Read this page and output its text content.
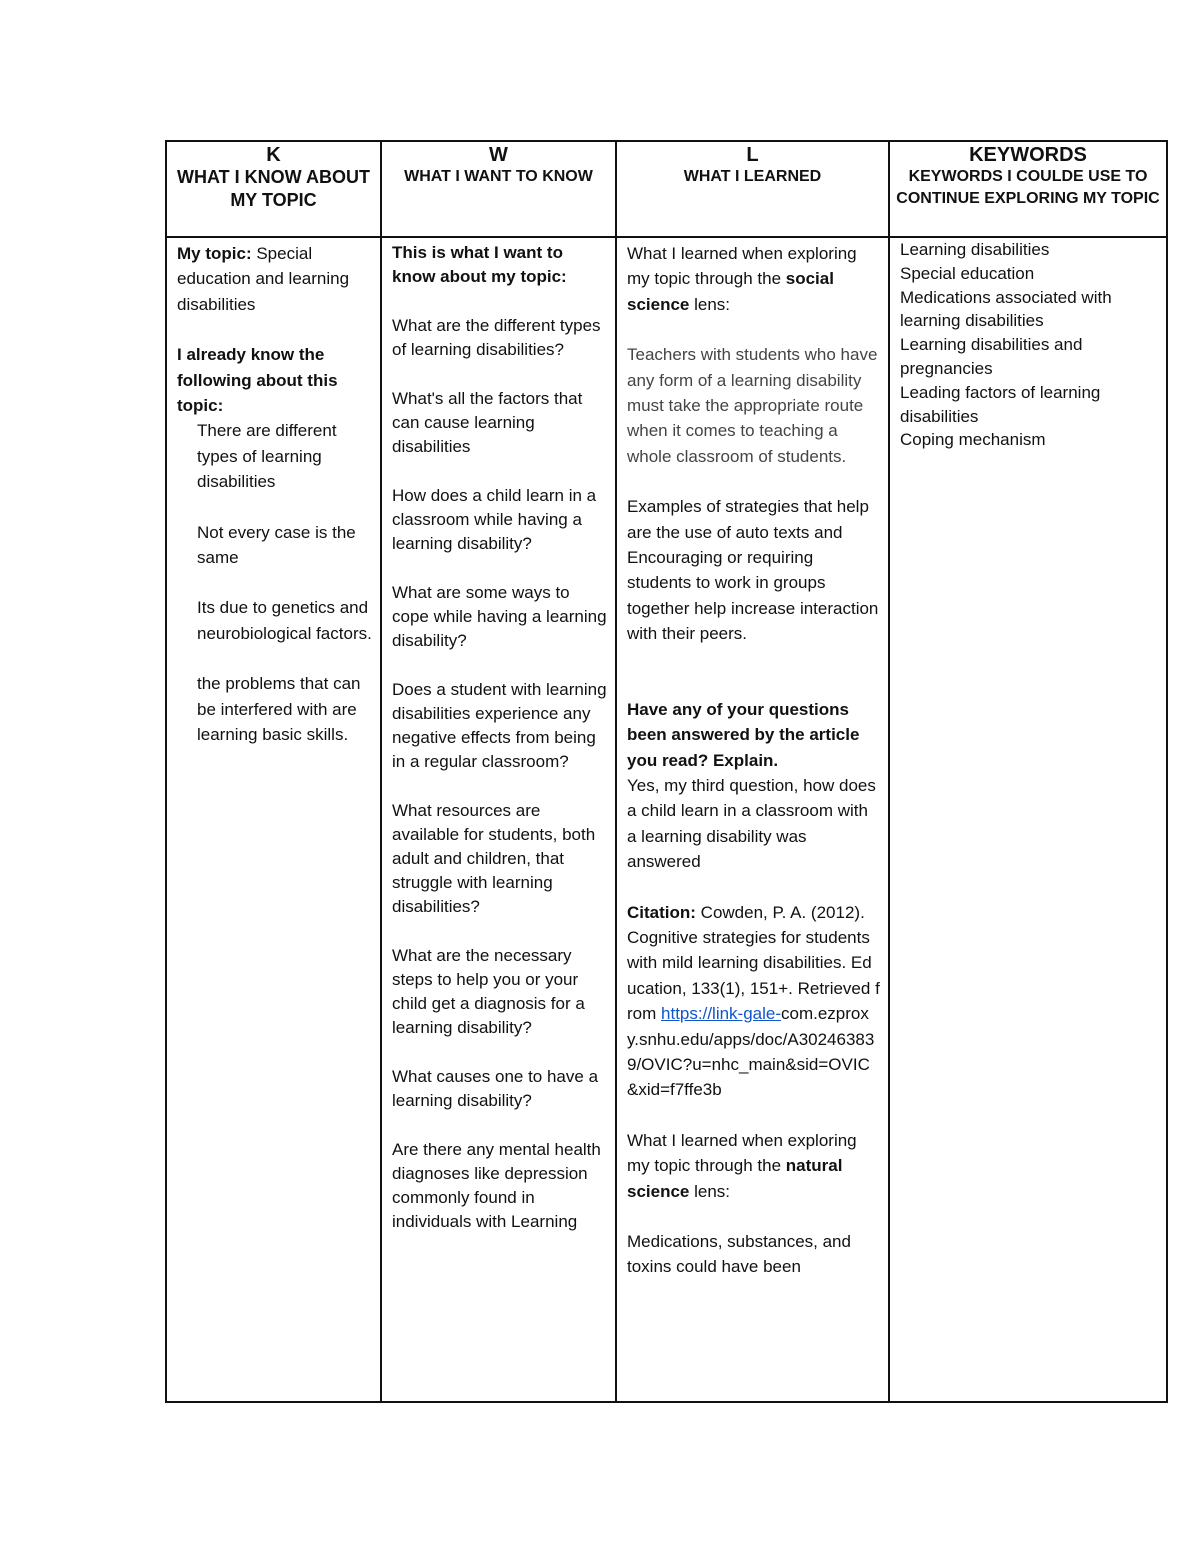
K
WHAT I KNOW ABOUT MY TOPIC

My topic: Special education and learning disabilities

I already know the following about this topic:

There are different types of learning disabilities

Not every case is the same

Its due to genetics and neurobiological factors.

the problems that can be interfered with are learning basic skills.

W
WHAT I WANT TO KNOW

This is what I want to know about my topic:

What are the different types of learning disabilities?

What's all the factors that can cause learning disabilities

How does a child learn in a classroom while having a learning disability?

What are some ways to cope while having a learning disability?

Does a student with learning disabilities experience any negative effects from being in a regular classroom?

What resources are available for students, both adult and children, that struggle with learning disabilities?

What are the necessary steps to help you or your child get a diagnosis for a learning disability?

What causes one to have a learning disability?

Are there any mental health diagnoses like depression commonly found in individuals with Learning

L
WHAT I LEARNED

What I learned when exploring my topic through the social science lens:

Teachers with students who have any form of a learning disability must take the appropriate route when it comes to teaching a whole classroom of students.

Examples of strategies that help are the use of auto texts and Encouraging or requiring students to work in groups together help increase interaction with their peers.

Have any of your questions been answered by the article you read? Explain.

Yes, my third question, how does a child learn in a classroom with a learning disability was answered

Citation: Cowden, P. A. (2012). Cognitive strategies for students with mild learning disabilities. Education, 133(1), 151+. Retrieved from https://link-gale-com.ezproxy.snhu.edu/apps/doc/A302463839/OVIC?u=nhc_main&sid=OVIC&xid=f7ffe3b

What I learned when exploring my topic through the natural science lens:

Medications, substances, and toxins could have been

KEYWORDS
KEYWORDS I COULDE USE TO CONTINUE EXPLORING MY TOPIC

Learning disabilities

Special education

Medications associated with learning disabilities

Learning disabilities and pregnancies

Leading factors of learning disabilities

Coping mechanism
